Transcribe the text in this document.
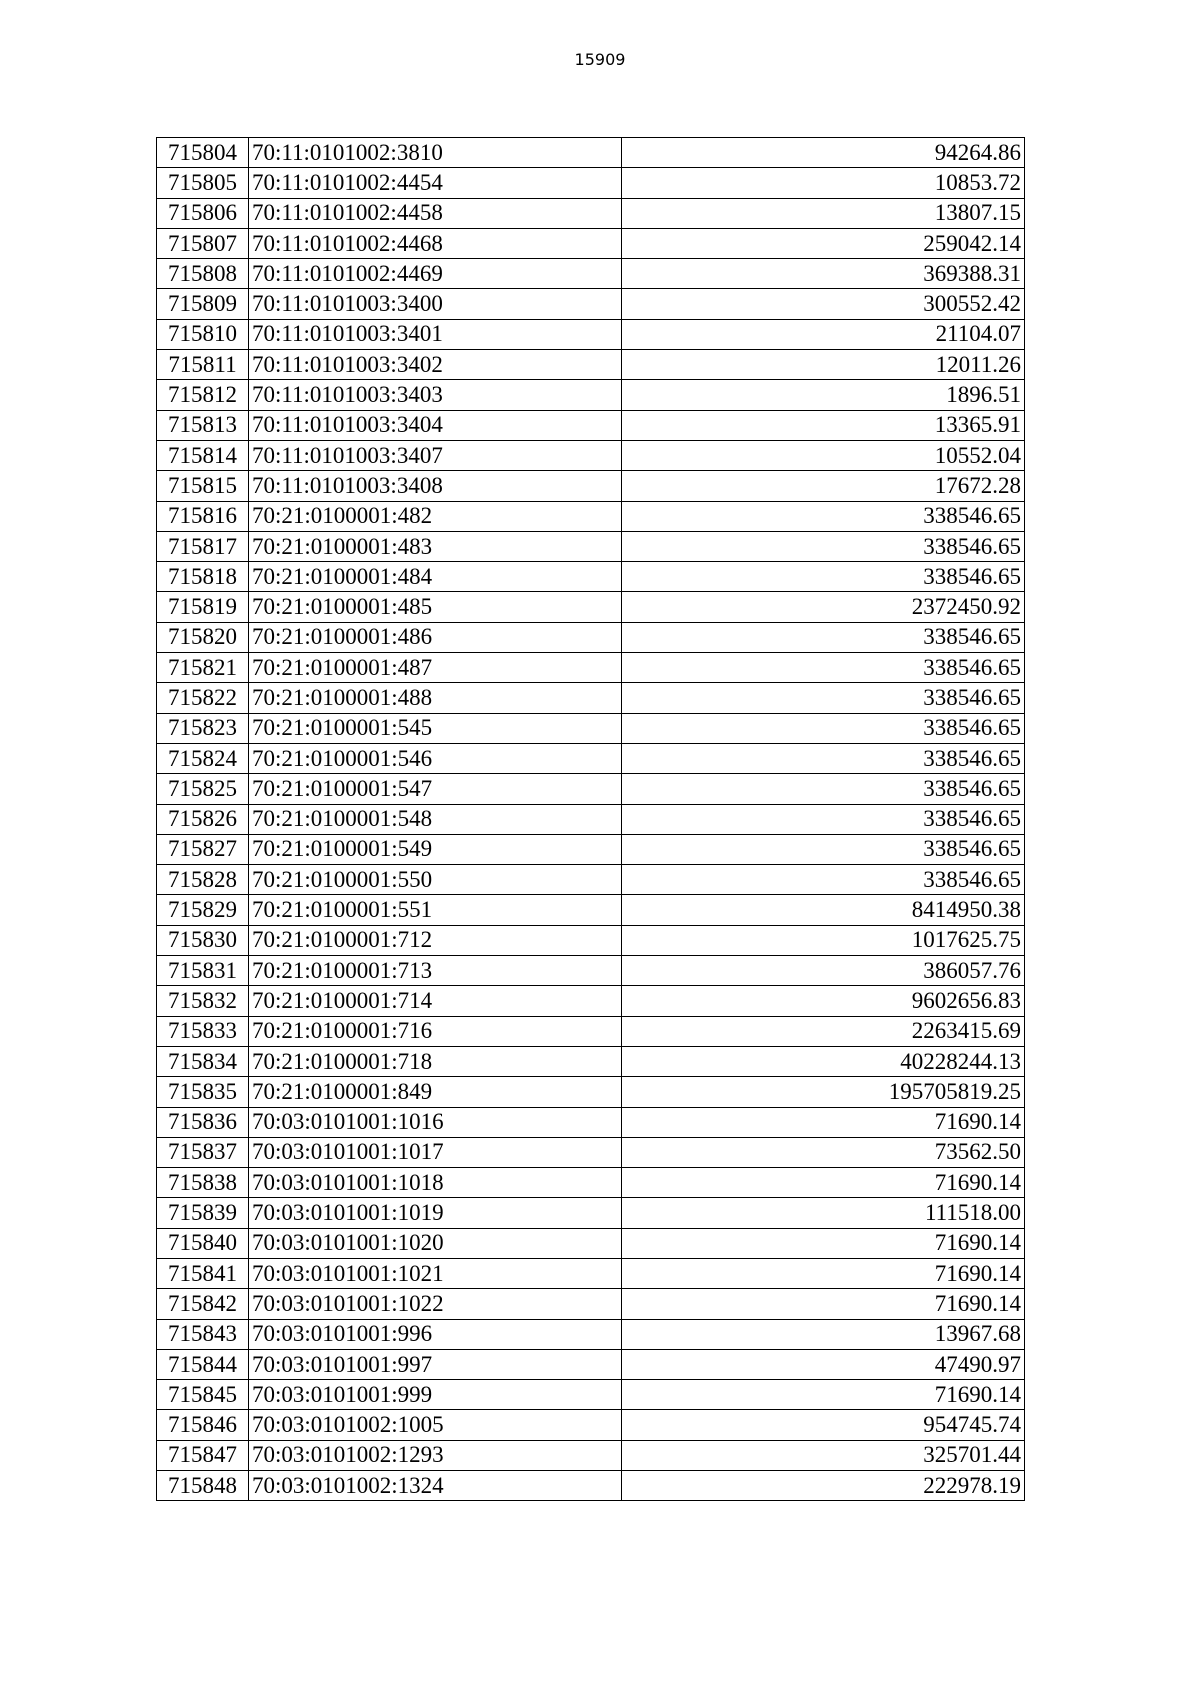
15909
715804	70:11:0101002:3810	94264.86
715805	70:11:0101002:4454	10853.72
715806	70:11:0101002:4458	13807.15
715807	70:11:0101002:4468	259042.14
715808	70:11:0101002:4469	369388.31
715809	70:11:0101003:3400	300552.42
715810	70:11:0101003:3401	21104.07
715811	70:11:0101003:3402	12011.26
715812	70:11:0101003:3403	1896.51
715813	70:11:0101003:3404	13365.91
715814	70:11:0101003:3407	10552.04
715815	70:11:0101003:3408	17672.28
715816	70:21:0100001:482	338546.65
715817	70:21:0100001:483	338546.65
715818	70:21:0100001:484	338546.65
715819	70:21:0100001:485	2372450.92
715820	70:21:0100001:486	338546.65
715821	70:21:0100001:487	338546.65
715822	70:21:0100001:488	338546.65
715823	70:21:0100001:545	338546.65
715824	70:21:0100001:546	338546.65
715825	70:21:0100001:547	338546.65
715826	70:21:0100001:548	338546.65
715827	70:21:0100001:549	338546.65
715828	70:21:0100001:550	338546.65
715829	70:21:0100001:551	8414950.38
715830	70:21:0100001:712	1017625.75
715831	70:21:0100001:713	386057.76
715832	70:21:0100001:714	9602656.83
715833	70:21:0100001:716	2263415.69
715834	70:21:0100001:718	40228244.13
715835	70:21:0100001:849	195705819.25
715836	70:03:0101001:1016	71690.14
715837	70:03:0101001:1017	73562.50
715838	70:03:0101001:1018	71690.14
715839	70:03:0101001:1019	111518.00
715840	70:03:0101001:1020	71690.14
715841	70:03:0101001:1021	71690.14
715842	70:03:0101001:1022	71690.14
715843	70:03:0101001:996	13967.68
715844	70:03:0101001:997	47490.97
715845	70:03:0101001:999	71690.14
715846	70:03:0101002:1005	954745.74
715847	70:03:0101002:1293	325701.44
715848	70:03:0101002:1324	222978.19
